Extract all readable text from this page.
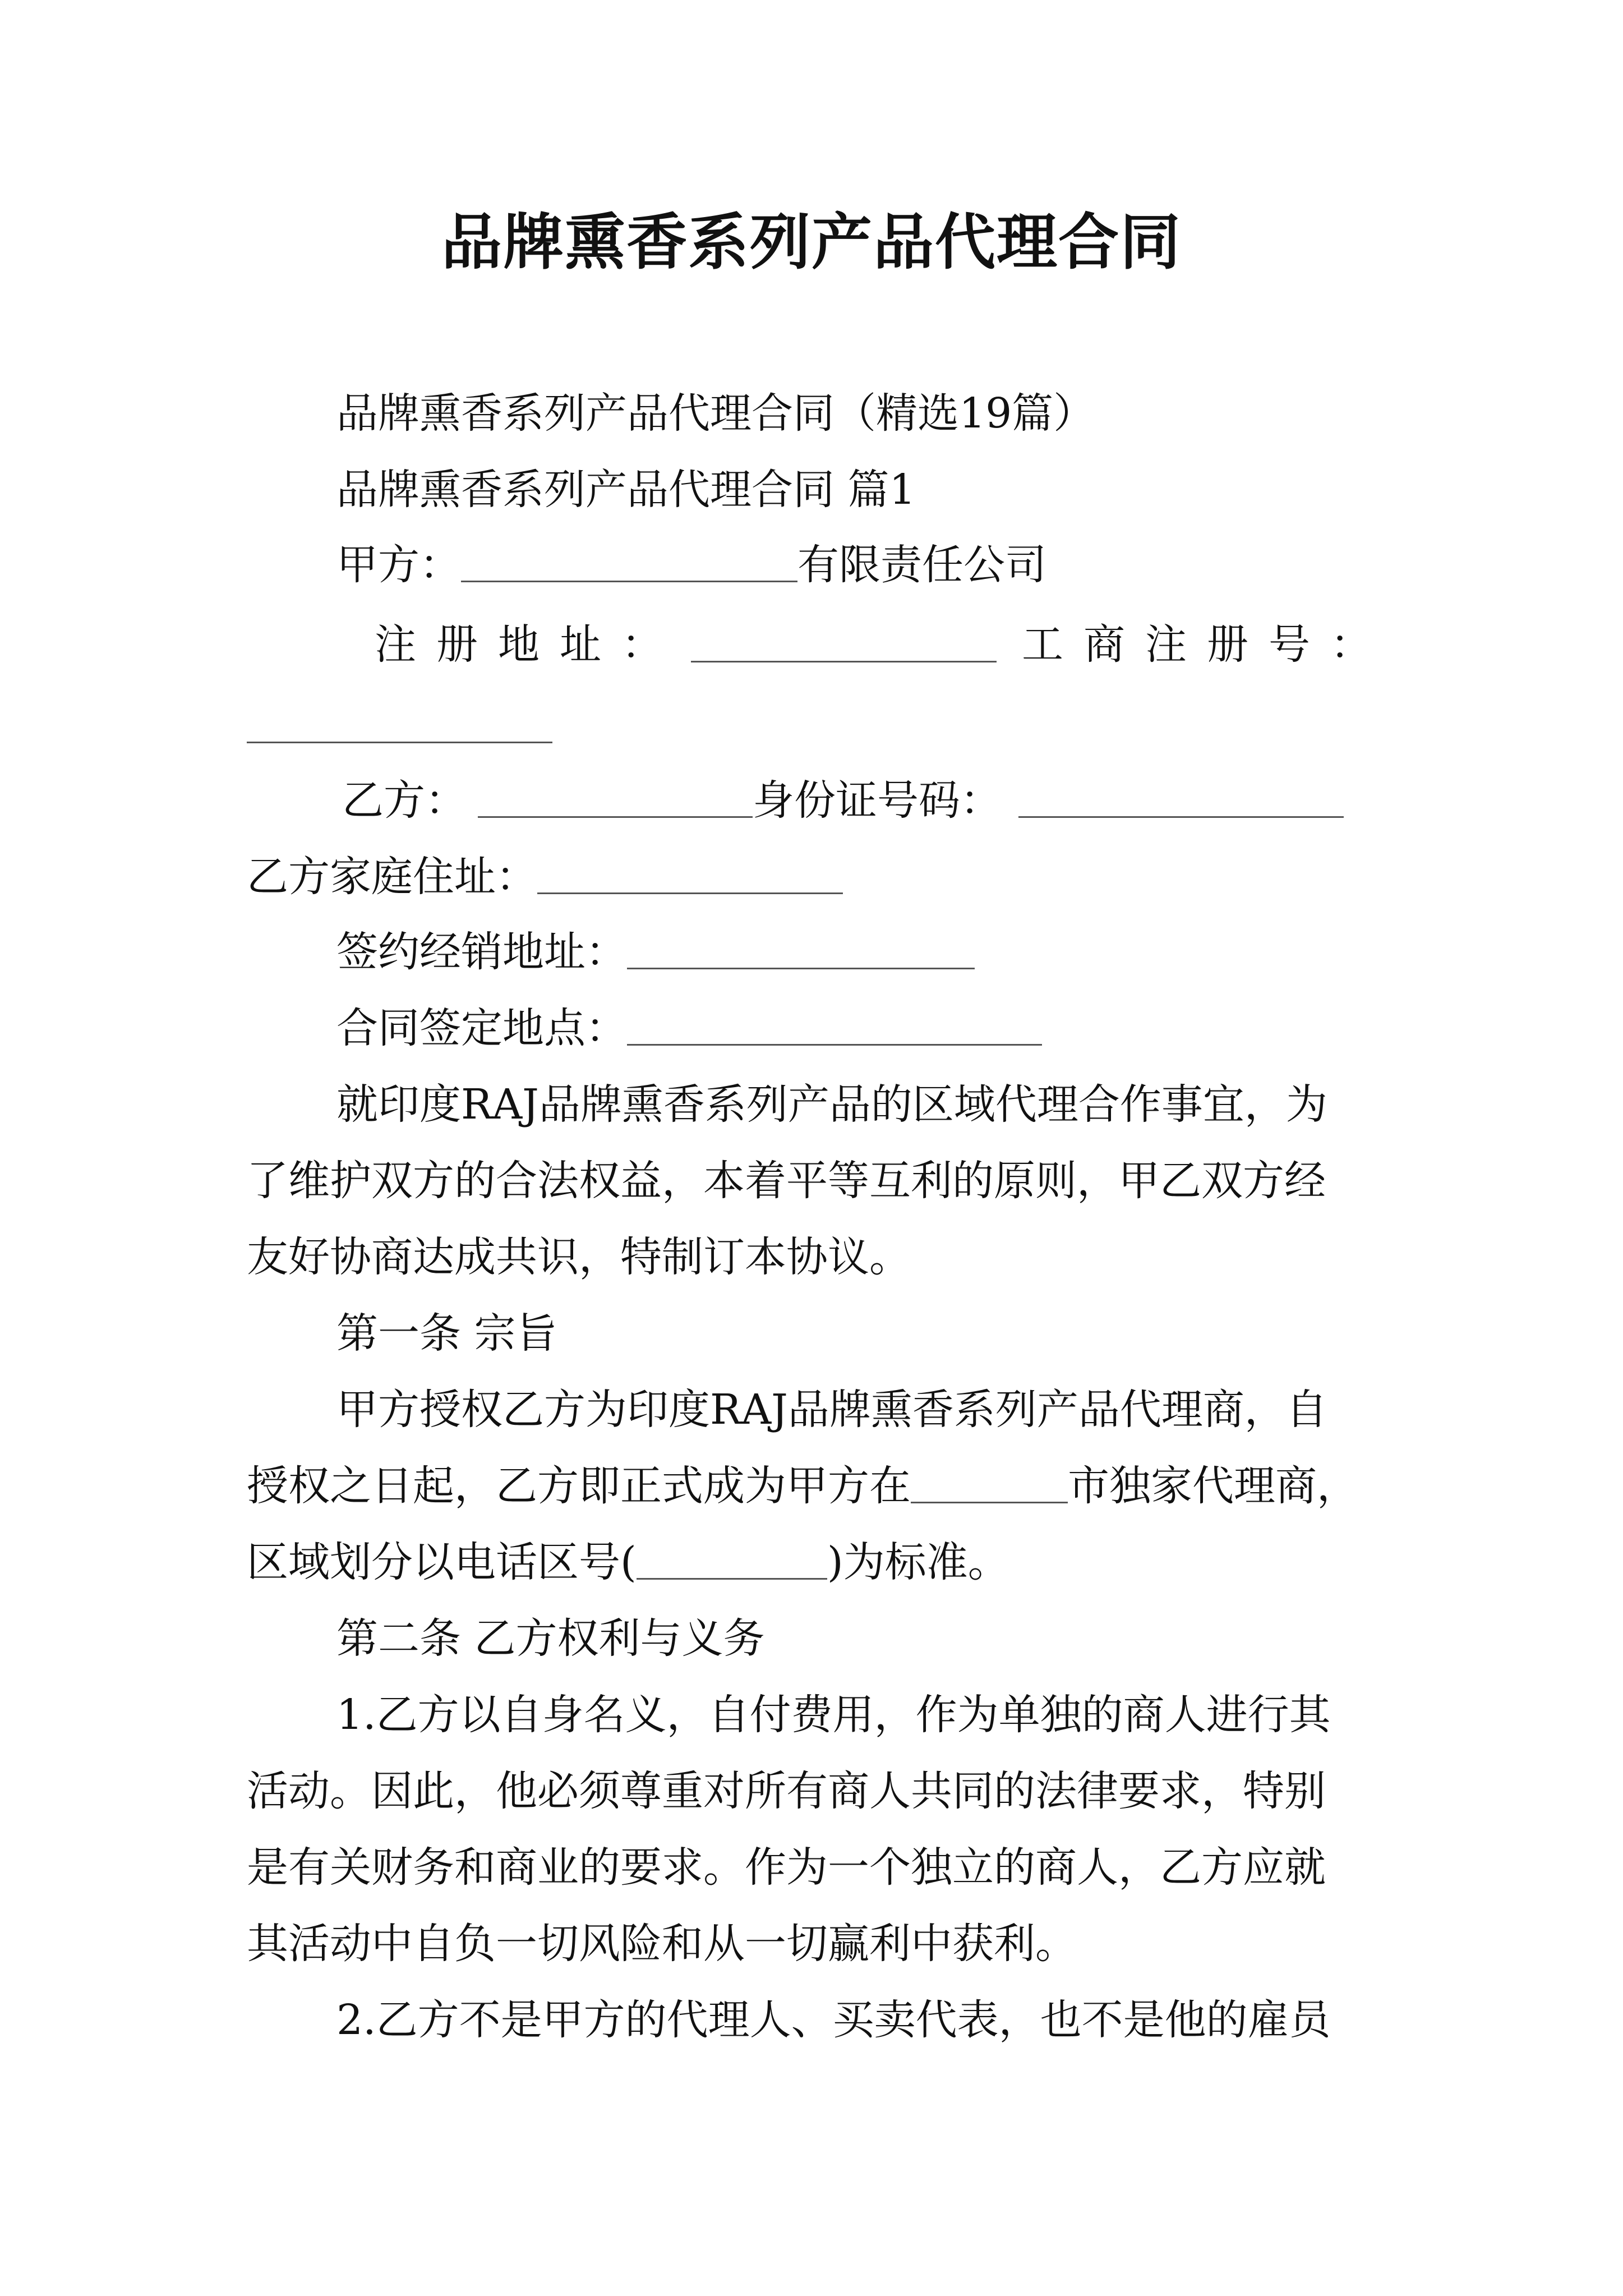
品牌熏香系列产品代理合同
品牌熏香系列产品代理合同（精选19篇）
品牌熏香系列产品代理合同 篇1
甲方：	有限责任公司
注册地址：	工商注册号：
乙方：	身份证号码：
乙方家庭住址：
签约经销地址：
合同签定地点：
就印度RAJ品牌熏香系列产品的区域代理合作事宜，为
了维护双方的合法权益，本着平等互利的原则，甲乙双方经
友好协商达成共识，特制订本协议。
第一条 宗旨
甲方授权乙方为印度RAJ品牌熏香系列产品代理商，自
授权之日起，乙方即正式成为甲方在	市独家代理商，
区域划分以电话区号(	)为标准。
第二条 乙方权利与义务
1.乙方以自身名义，自付费用，作为单独的商人进行其
活动。因此，他必须尊重对所有商人共同的法律要求，特别
是有关财务和商业的要求。作为一个独立的商人，乙方应就
其活动中自负一切风险和从一切赢利中获利。
2.乙方不是甲方的代理人、买卖代表，也不是他的雇员
